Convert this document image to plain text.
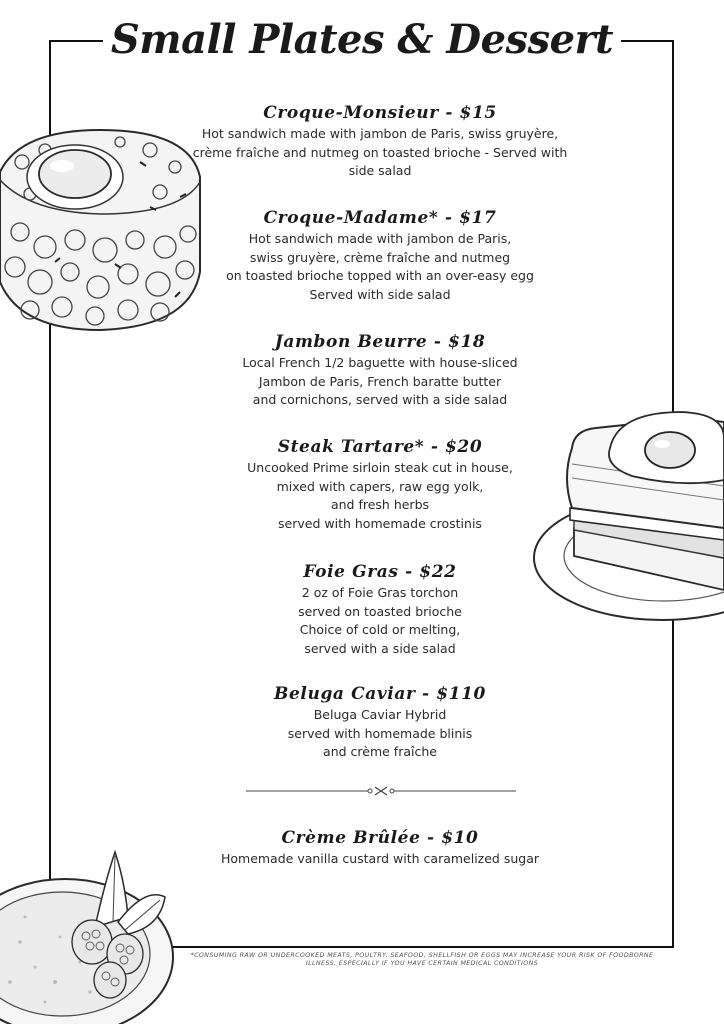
Small Plates & Dessert
Croque-Monsieur - $15
Hot sandwich made with jambon de Paris, swiss gruyère,
crème fraîche and nutmeg on toasted brioche - Served with
side salad
Croque-Madame* - $17
Hot sandwich made with jambon de Paris,
swiss gruyère, crème fraîche and nutmeg
on toasted brioche topped with an over-easy egg
Served with side salad
Jambon Beurre - $18
Local French 1/2 baguette with house-sliced
Jambon de Paris, French baratte butter
and cornichons, served with a side salad
Steak Tartare* - $20
Uncooked Prime sirloin steak cut in house,
mixed with capers, raw egg yolk,
and fresh herbs
served with homemade crostinis
Foie Gras - $22
2 oz of Foie Gras torchon
served on toasted brioche
Choice of cold or melting,
served with a side salad
Beluga Caviar - $110
Beluga Caviar Hybrid
served with homemade blinis
and crème fraîche
Crème Brûlée - $10
Homemade vanilla custard with caramelized sugar
*CONSUMING RAW OR UNDERCOOKED MEATS, POULTRY, SEAFOOD, SHELLFISH OR EGGS MAY INCREASE YOUR RISK OF FOODBORNE ILLNESS, ESPECIALLY IF YOU HAVE CERTAIN MEDICAL CONDITIONS
